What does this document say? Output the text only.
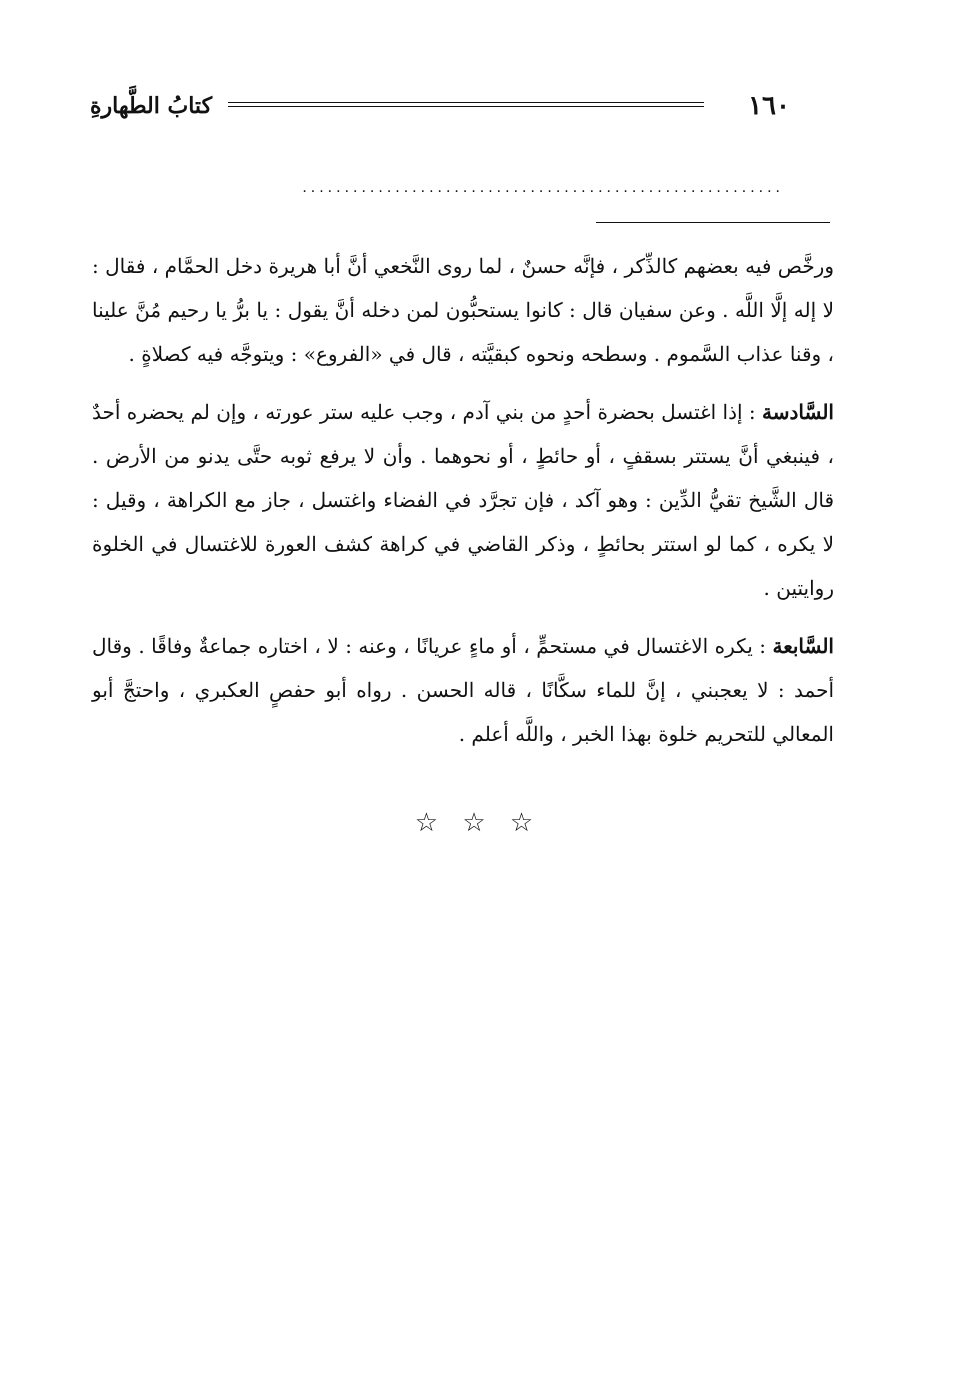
١٦٠
كتابُ الطَّهارةِ
·························································

ورخَّص فيه بعضهم كالذِّكر ، فإنَّه حسنٌ ، لما روى النَّخعي أنَّ أبا هريرة دخل الحمَّام ، فقال : لا إله إلَّا اللَّه . وعن سفيان قال : كانوا يستحبُّون لمن دخله أنَّ يقول : يا برُّ يا رحيم مُنَّ علينا ، وقنا عذاب السَّموم . وسطحه ونحوه كبقيَّته ، قال في «الفروع» : ويتوجَّه فيه كصلاةٍ .

السَّادسة : إذا اغتسل بحضرة أحدٍ من بني آدم ، وجب عليه ستر عورته ، وإن لم يحضره أحدٌ ، فينبغي أنَّ يستتر بسقفٍ ، أو حائطٍ ، أو نحوهما . وأن لا يرفع ثوبه حتَّى يدنو من الأرض . قال الشَّيخ تقيُّ الدِّين : وهو آكد ، فإن تجرَّد في الفضاء واغتسل ، جاز مع الكراهة ، وقيل : لا يكره ، كما لو استتر بحائطٍ ، وذكر القاضي في كراهة كشف العورة للاغتسال في الخلوة روايتين .

السَّابعة : يكره الاغتسال في مستحمٍّ ، أو ماءٍ عريانًا ، وعنه : لا ، اختاره جماعةٌ وفاقًا . وقال أحمد : لا يعجبني ، إنَّ للماء سكَّانًا ، قاله الحسن . رواه أبو حفصٍ العكبري ، واحتجَّ أبو المعالي للتحريم خلوة بهذا الخبر ، واللَّه أعلم .

☆ ☆ ☆
